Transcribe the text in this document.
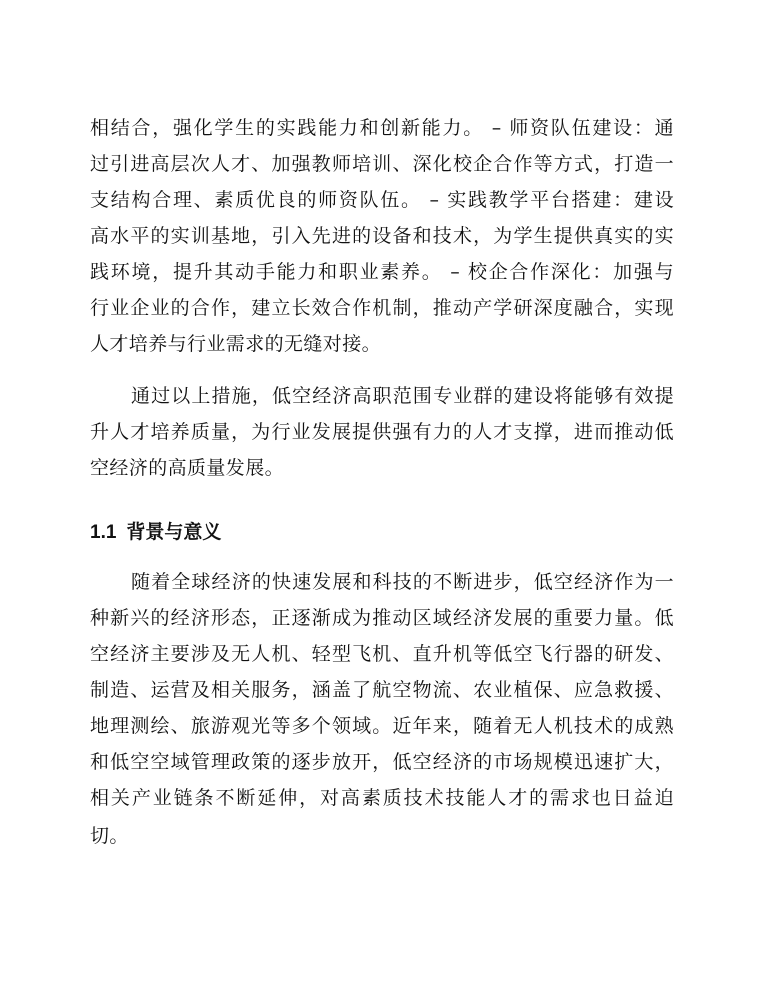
相结合，强化学生的实践能力和创新能力。 – 师资队伍建设：通
过引进高层次人才、加强教师培训、深化校企合作等方式，打造一
支结构合理、素质优良的师资队伍。 – 实践教学平台搭建：建设
高水平的实训基地，引入先进的设备和技术，为学生提供真实的实
践环境，提升其动手能力和职业素养。 – 校企合作深化：加强与
行业企业的合作，建立长效合作机制，推动产学研深度融合，实现
人才培养与行业需求的无缝对接。
通过以上措施，低空经济高职范围专业群的建设将能够有效提
升人才培养质量，为行业发展提供强有力的人才支撑，进而推动低
空经济的高质量发展。
1.1 背景与意义
随着全球经济的快速发展和科技的不断进步，低空经济作为一
种新兴的经济形态，正逐渐成为推动区域经济发展的重要力量。低
空经济主要涉及无人机、轻型飞机、直升机等低空飞行器的研发、
制造、运营及相关服务，涵盖了航空物流、农业植保、应急救援、
地理测绘、旅游观光等多个领域。近年来，随着无人机技术的成熟
和低空空域管理政策的逐步放开，低空经济的市场规模迅速扩大，
相关产业链条不断延伸，对高素质技术技能人才的需求也日益迫
切。
